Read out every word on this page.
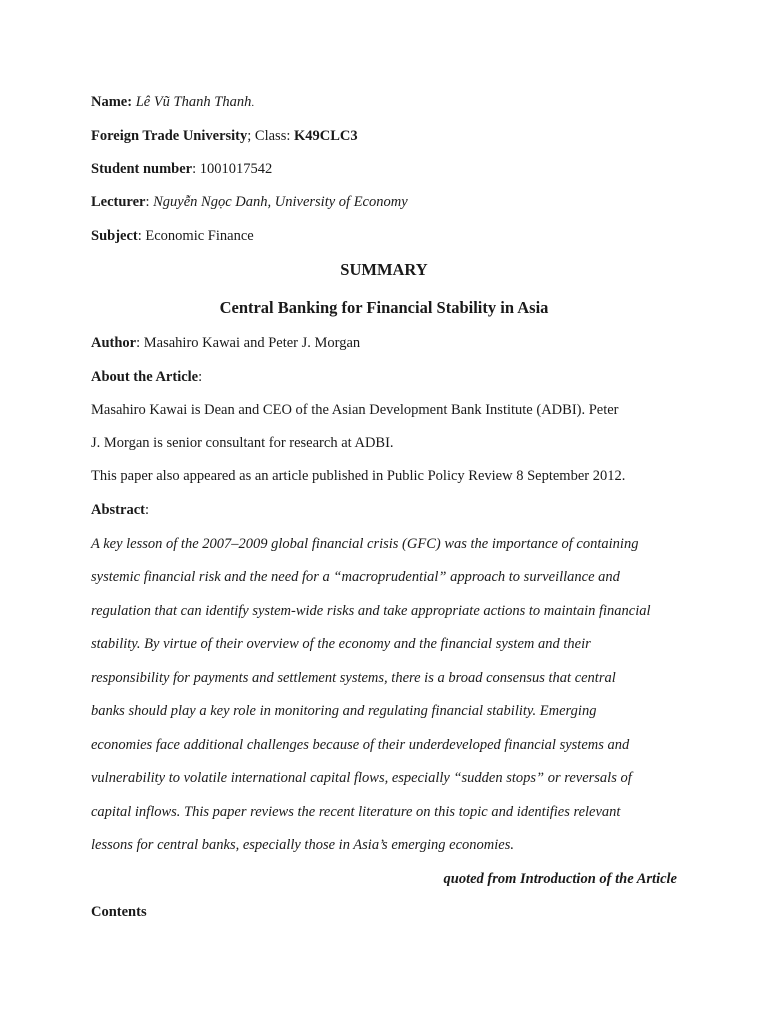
Name: Lê Vũ Thanh Thanh.
Foreign Trade University; Class: K49CLC3
Student number: 1001017542
Lecturer: Nguyễn Ngọc Danh, University of Economy
Subject: Economic Finance
SUMMARY
Central Banking for Financial Stability in Asia
Author: Masahiro Kawai and Peter J. Morgan
About the Article:
Masahiro Kawai is Dean and CEO of the Asian Development Bank Institute (ADBI). Peter
J. Morgan is senior consultant for research at ADBI.
This paper also appeared as an article published in Public Policy Review 8 September 2012.
Abstract:
A key lesson of the 2007–2009 global financial crisis (GFC) was the importance of containing
systemic financial risk and the need for a “macroprudential” approach to surveillance and
regulation that can identify system-wide risks and take appropriate actions to maintain financial
stability. By virtue of their overview of the economy and the financial system and their
responsibility for payments and settlement systems, there is a broad consensus that central
banks should play a key role in monitoring and regulating financial stability. Emerging
economies face additional challenges because of their underdeveloped financial systems and
vulnerability to volatile international capital flows, especially “sudden stops” or reversals of
capital inflows. This paper reviews the recent literature on this topic and identifies relevant
lessons for central banks, especially those in Asia’s emerging economies.
quoted from Introduction of the Article
Contents
